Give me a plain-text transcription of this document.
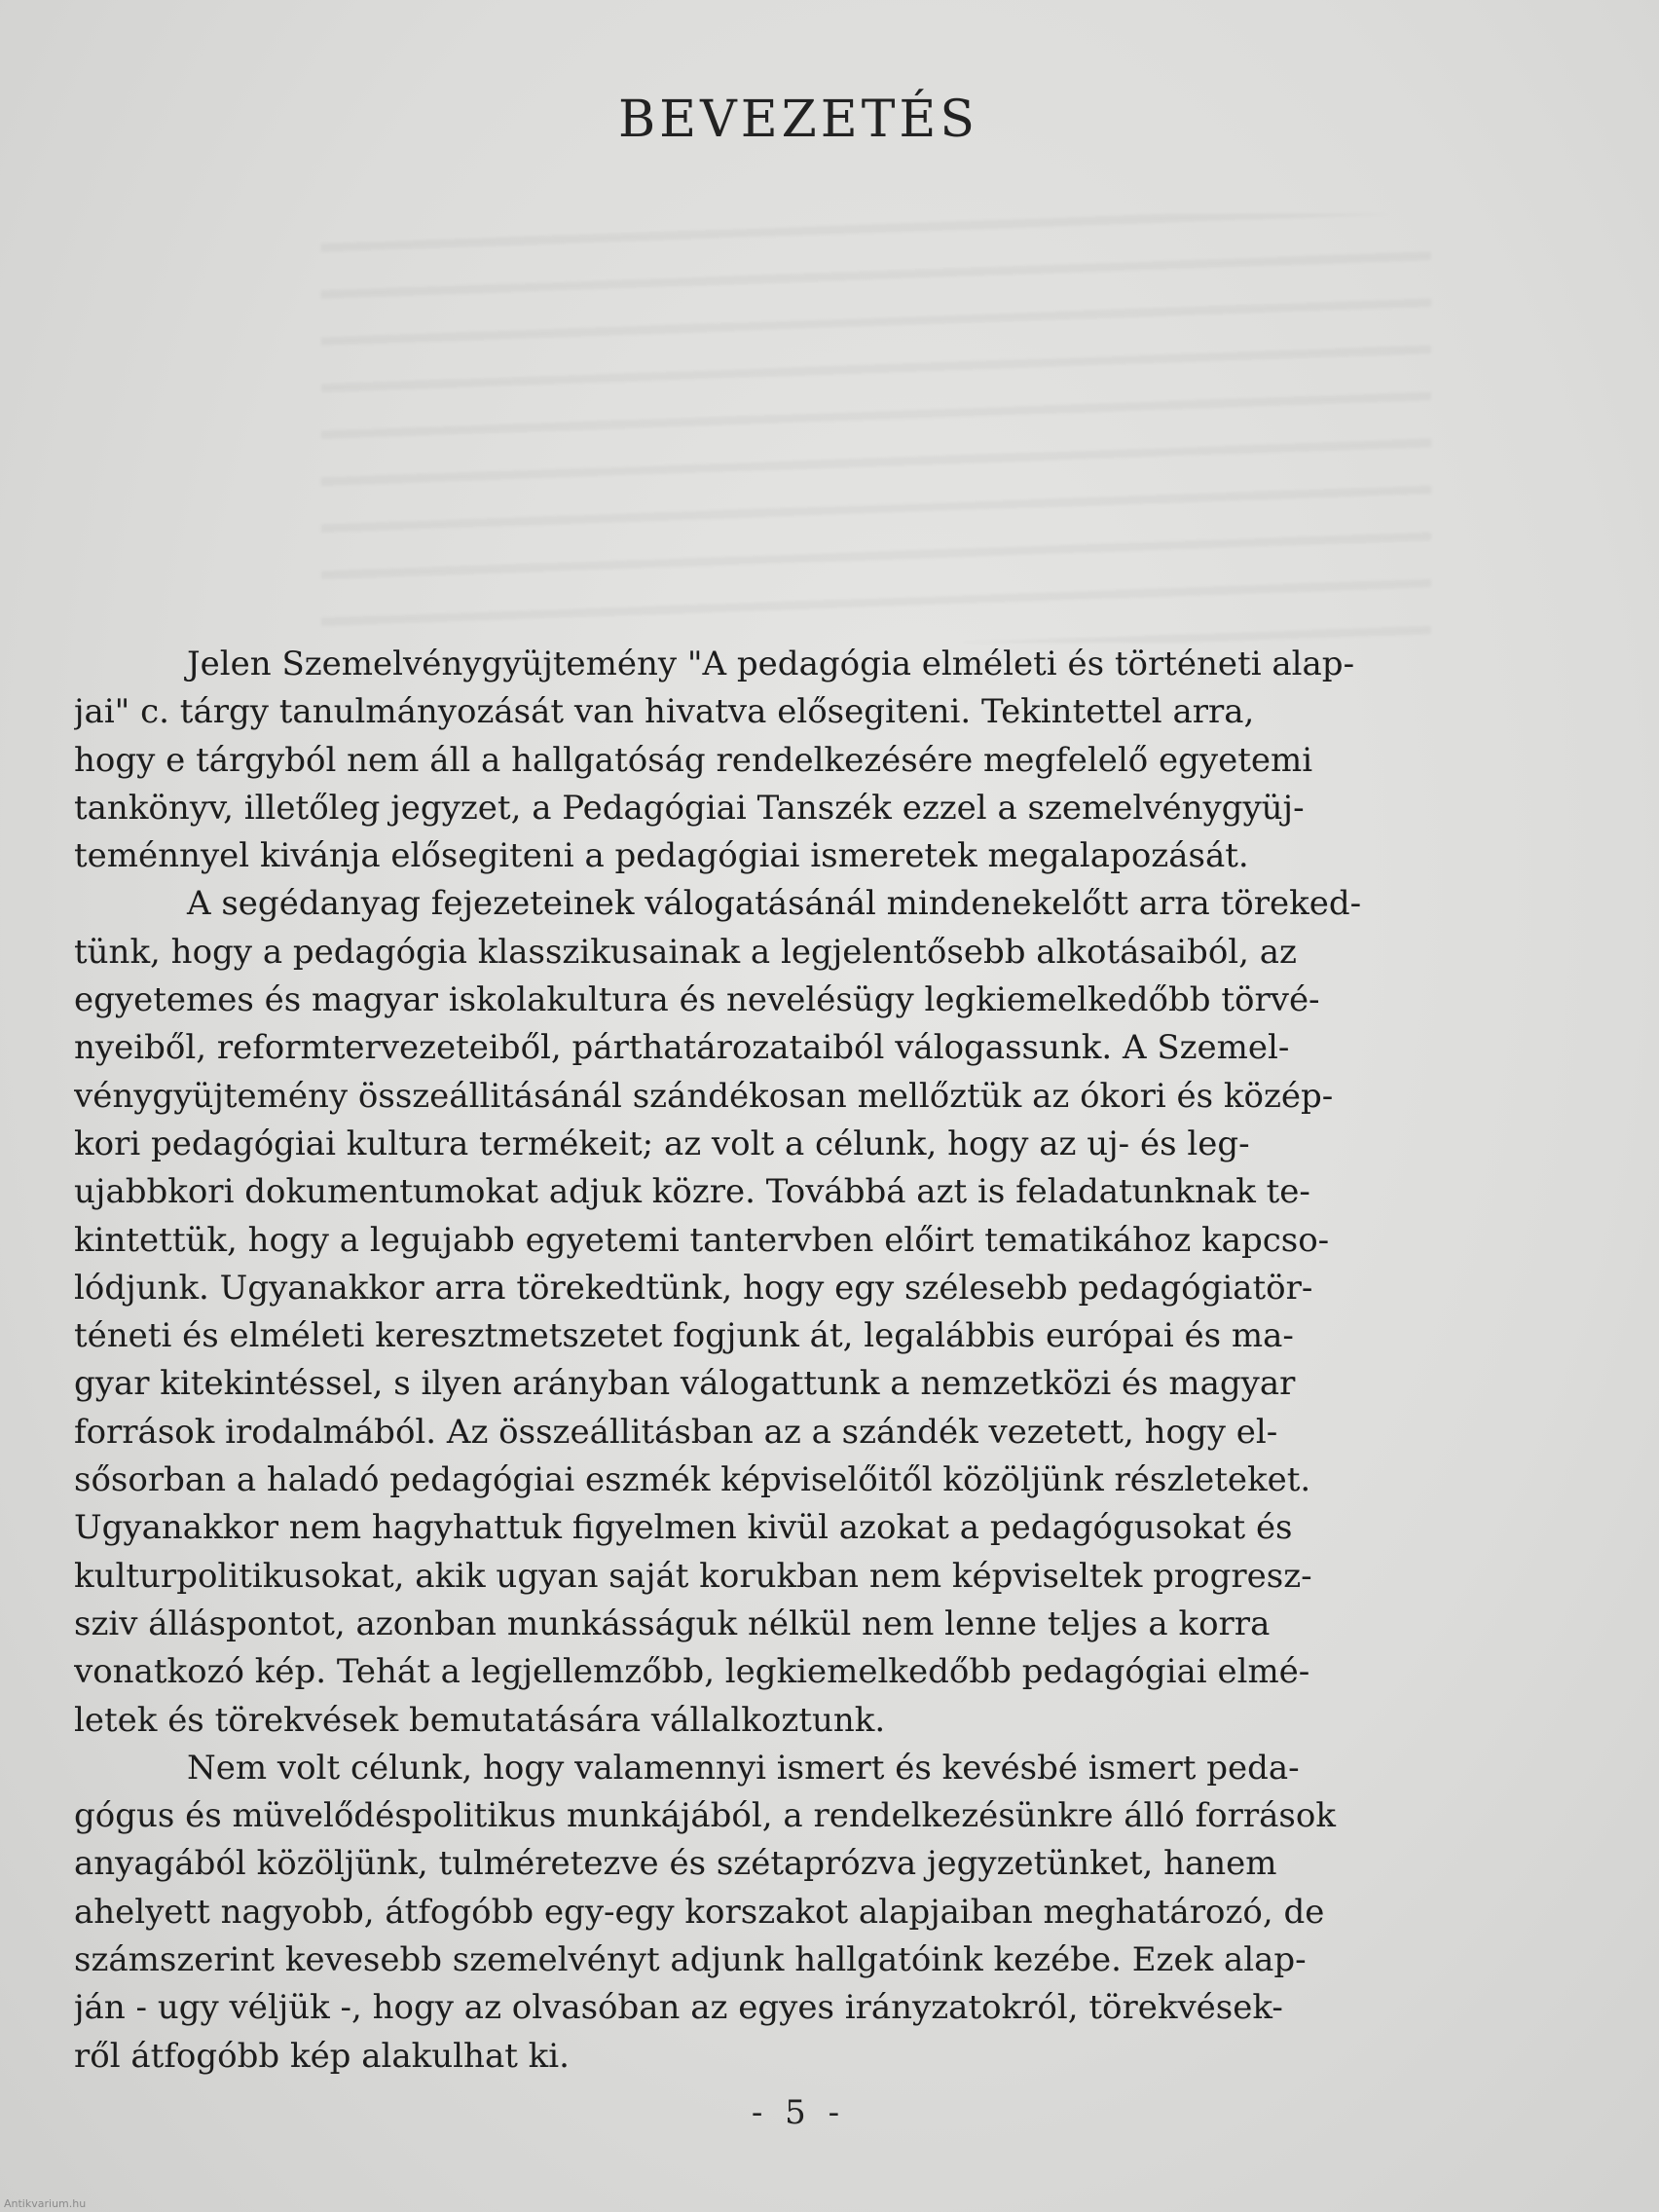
BEVEZETÉS
Jelen Szemelvénygyüjtemény "A pedagógia elméleti és történeti alap-
jai" c. tárgy tanulmányozását van hivatva elősegiteni. Tekintettel arra,
hogy e tárgyból nem áll a hallgatóság rendelkezésére megfelelő egyetemi
tankönyv, illetőleg jegyzet, a Pedagógiai Tanszék ezzel a szemelvénygyüj-
teménnyel kivánja elősegiteni a pedagógiai ismeretek megalapozását.
A segédanyag fejezeteinek válogatásánál mindenekelőtt arra töreked-
tünk, hogy a pedagógia klasszikusainak a legjelentősebb alkotásaiból, az
egyetemes és magyar iskolakultura és nevelésügy legkiemelkedőbb törvé-
nyeiből, reformtervezeteiből, párthatározataiból válogassunk. A Szemel-
vénygyüjtemény összeállitásánál szándékosan mellőztük az ókori és közép-
kori pedagógiai kultura termékeit; az volt a célunk, hogy az uj- és leg-
ujabbkori dokumentumokat adjuk közre. Továbbá azt is feladatunknak te-
kintettük, hogy a legujabb egyetemi tantervben előirt tematikához kapcso-
lódjunk. Ugyanakkor arra törekedtünk, hogy egy szélesebb pedagógiatör-
téneti és elméleti keresztmetszetet fogjunk át, legalábbis európai és ma-
gyar kitekintéssel, s ilyen arányban válogattunk a nemzetközi és magyar
források irodalmából. Az összeállitásban az a szándék vezetett, hogy el-
sősorban a haladó pedagógiai eszmék képviselőitől közöljünk részleteket.
Ugyanakkor nem hagyhattuk figyelmen kivül azokat a pedagógusokat és
kulturpolitikusokat, akik ugyan saját korukban nem képviseltek progresz-
sziv álláspontot, azonban munkásságuk nélkül nem lenne teljes a korra
vonatkozó kép. Tehát a legjellemzőbb, legkiemelkedőbb pedagógiai elmé-
letek és törekvések bemutatására vállalkoztunk.
Nem volt célunk, hogy valamennyi ismert és kevésbé ismert peda-
gógus és müvelődéspolitikus munkájából, a rendelkezésünkre álló források
anyagából közöljünk, tulméretezve és szétaprózva jegyzetünket, hanem
ahelyett nagyobb, átfogóbb egy-egy korszakot alapjaiban meghatározó, de
számszerint kevesebb szemelvényt adjunk hallgatóink kezébe. Ezek alap-
ján - ugy véljük -, hogy az olvasóban az egyes irányzatokról, törekvések-
ről átfogóbb kép alakulhat ki.
- 5 -
Antikvarium.hu
